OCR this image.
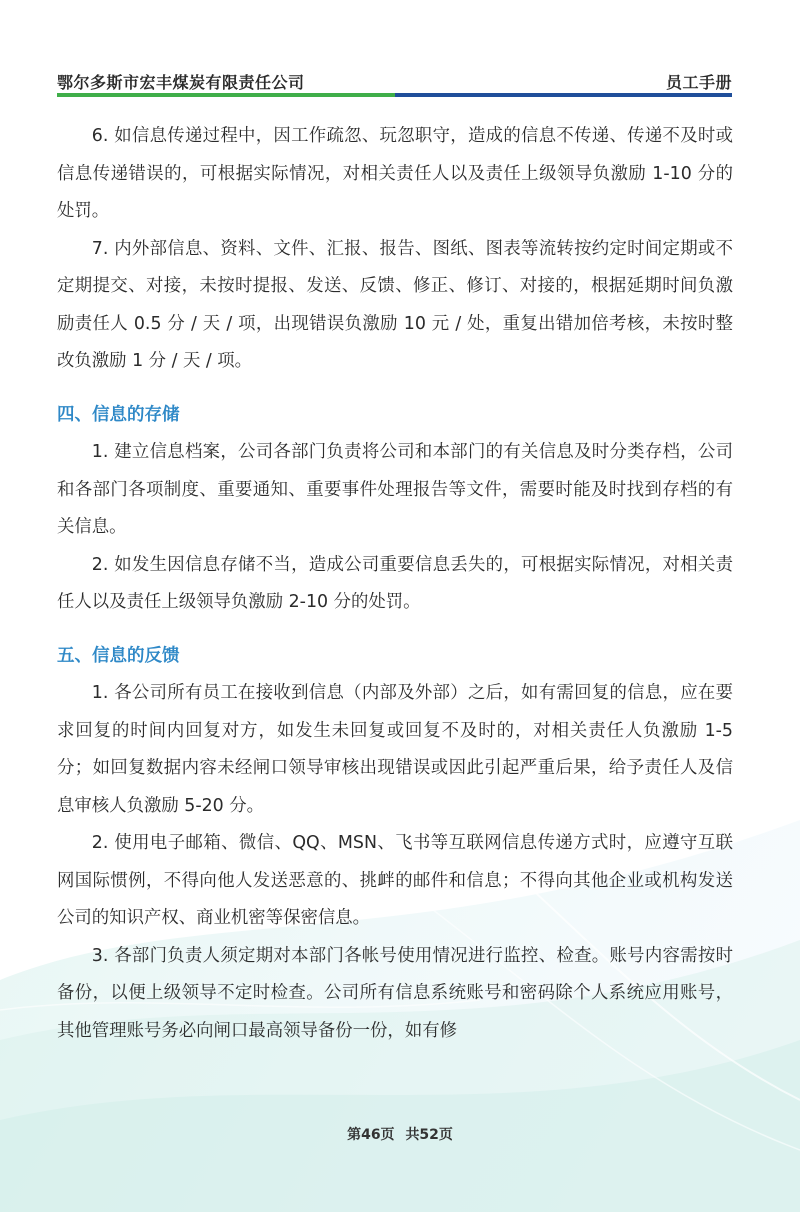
鄂尔多斯市宏丰煤炭有限责任公司	员工手册

6. 如信息传递过程中，因工作疏忽、玩忽职守，造成的信息不传递、传递不及时或信息传递错误的，可根据实际情况，对相关责任人以及责任上级领导负激励 1-10 分的处罚。

7. 内外部信息、资料、文件、汇报、报告、图纸、图表等流转按约定时间定期或不定期提交、对接，未按时提报、发送、反馈、修正、修订、对接的，根据延期时间负激励责任人 0.5 分 / 天 / 项，出现错误负激励 10 元 / 处，重复出错加倍考核，未按时整改负激励 1 分 / 天 / 项。

四、信息的存储

1. 建立信息档案，公司各部门负责将公司和本部门的有关信息及时分类存档，公司和各部门各项制度、重要通知、重要事件处理报告等文件，需要时能及时找到存档的有关信息。

2. 如发生因信息存储不当，造成公司重要信息丢失的，可根据实际情况，对相关责任人以及责任上级领导负激励 2-10 分的处罚。

五、信息的反馈

1. 各公司所有员工在接收到信息（内部及外部）之后，如有需回复的信息，应在要求回复的时间内回复对方，如发生未回复或回复不及时的，对相关责任人负激励 1-5 分；如回复数据内容未经闸口领导审核出现错误或因此引起严重后果，给予责任人及信息审核人负激励 5-20 分。

2. 使用电子邮箱、微信、QQ、MSN、飞书等互联网信息传递方式时，应遵守互联网国际惯例，不得向他人发送恶意的、挑衅的邮件和信息；不得向其他企业或机构发送公司的知识产权、商业机密等保密信息。

3. 各部门负责人须定期对本部门各帐号使用情况进行监控、检查。账号内容需按时备份，以便上级领导不定时检查。公司所有信息系统账号和密码除个人系统应用账号，其他管理账号务必向闸口最高领导备份一份，如有修

第46页 共52页
